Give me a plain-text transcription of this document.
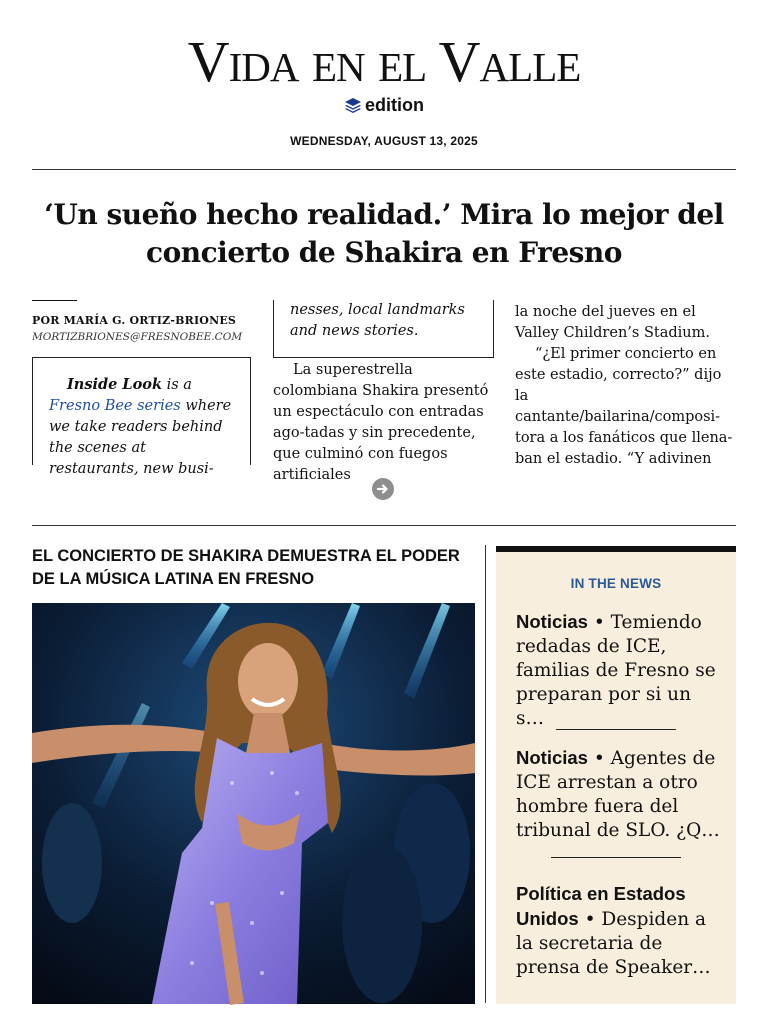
Vida en el Valle
edition
WEDNESDAY, AUGUST 13, 2025
‘Un sueño hecho realidad.’ Mira lo mejor del
concierto de Shakira en Fresno
POR MARÍA G. ORTIZ-BRIONES
MORTIZBRIONES@FRESNOBEE.COM
Inside Look is a Fresno Bee series where we take readers behind the scenes at restaurants, new busi-
nesses, local landmarks and news stories.

La superestrella colombiana Shakira presentó un espectáculo con entradas ago-tadas y sin precedente, que culminó con fuegos artificiales

la noche del jueves en el Valley Children’s Stadium.

“¿El primer concierto en este estadio, correcto?” dijo la cantante/bailarina/composi-tora a los fanáticos que llena-ban el estadio. “Y adivinen

EL CONCIERTO DE SHAKIRA DEMUESTRA EL PODER DE LA MÚSICA LATINA EN FRESNO	IN THE NEWS
Noticias • Temiendo redadas de ICE, familias de Fresno se preparan por si un s…
Noticias • Agentes de ICE arrestan a otro hombre fuera del tribunal de SLO. ¿Q…
Política en Estados Unidos • Despiden a la secretaria de prensa de Speaker…
